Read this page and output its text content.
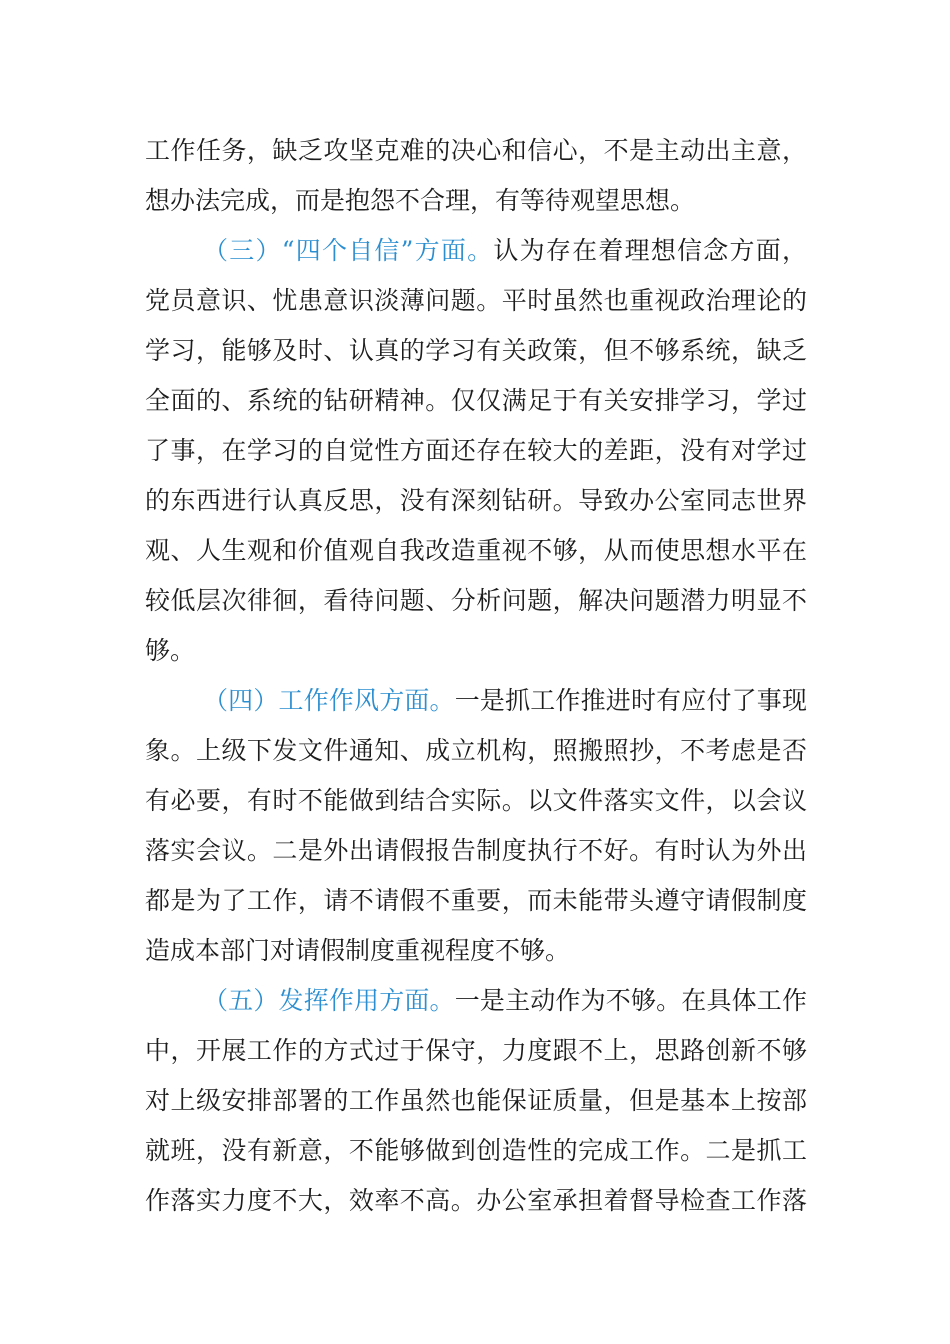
工作任务，缺乏攻坚克难的决心和信心，不是主动出主意，
想办法完成，而是抱怨不合理，有等待观望思想。
（三）“四个自信”方面。认为存在着理想信念方面，
党员意识、忧患意识淡薄问题。平时虽然也重视政治理论的
学习，能够及时、认真的学习有关政策，但不够系统，缺乏
全面的、系统的钻研精神。仅仅满足于有关安排学习，学过
了事，在学习的自觉性方面还存在较大的差距，没有对学过
的东西进行认真反思，没有深刻钻研。导致办公室同志世界
观、人生观和价值观自我改造重视不够，从而使思想水平在
较低层次徘徊，看待问题、分析问题，解决问题潜力明显不
够。
（四）工作作风方面。一是抓工作推进时有应付了事现
象。上级下发文件通知、成立机构，照搬照抄，不考虑是否
有必要，有时不能做到结合实际。以文件落实文件，以会议
落实会议。二是外出请假报告制度执行不好。有时认为外出
都是为了工作，请不请假不重要，而未能带头遵守请假制度
造成本部门对请假制度重视程度不够。
（五）发挥作用方面。一是主动作为不够。在具体工作
中，开展工作的方式过于保守，力度跟不上，思路创新不够
对上级安排部署的工作虽然也能保证质量，但是基本上按部
就班，没有新意，不能够做到创造性的完成工作。二是抓工
作落实力度不大，效率不高。办公室承担着督导检查工作落
